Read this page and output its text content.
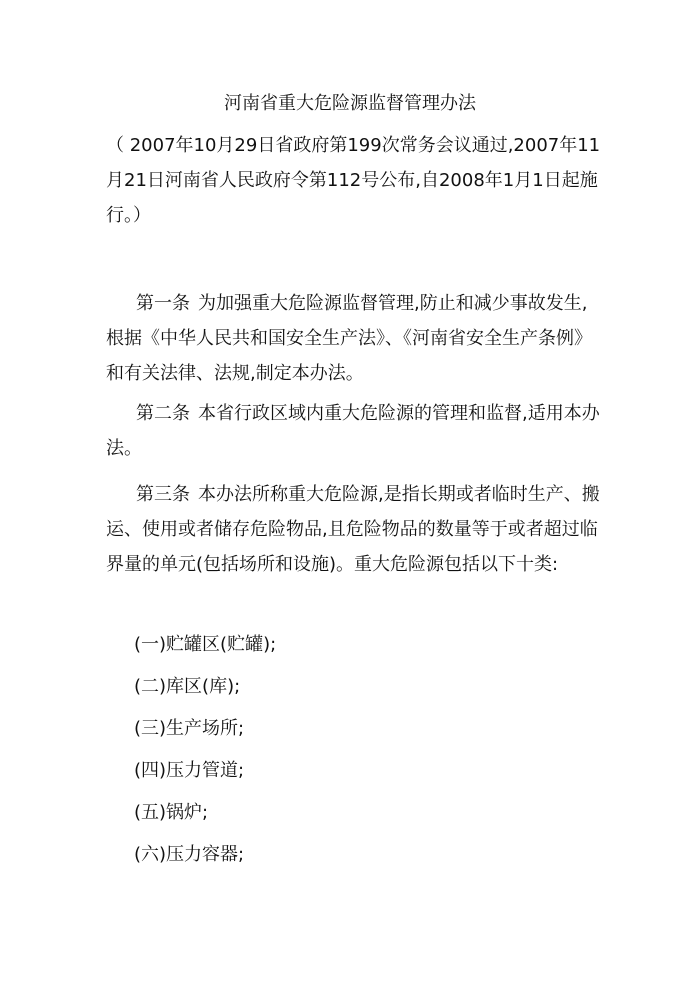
河南省重大危险源监督管理办法
（ 2007年10月29日省政府第199次常务会议通过,2007年11月21日河南省人民政府令第112号公布,自2008年1月1日起施行。）
第一条 为加强重大危险源监督管理,防止和减少事故发生,根据《中华人民共和国安全生产法》、《河南省安全生产条例》和有关法律、法规,制定本办法。
第二条 本省行政区域内重大危险源的管理和监督,适用本办法。
第三条 本办法所称重大危险源,是指长期或者临时生产、搬运、使用或者储存危险物品,且危险物品的数量等于或者超过临界量的单元(包括场所和设施)。重大危险源包括以下十类:
(一)贮罐区(贮罐);
(二)库区(库);
(三)生产场所;
(四)压力管道;
(五)锅炉;
(六)压力容器;
